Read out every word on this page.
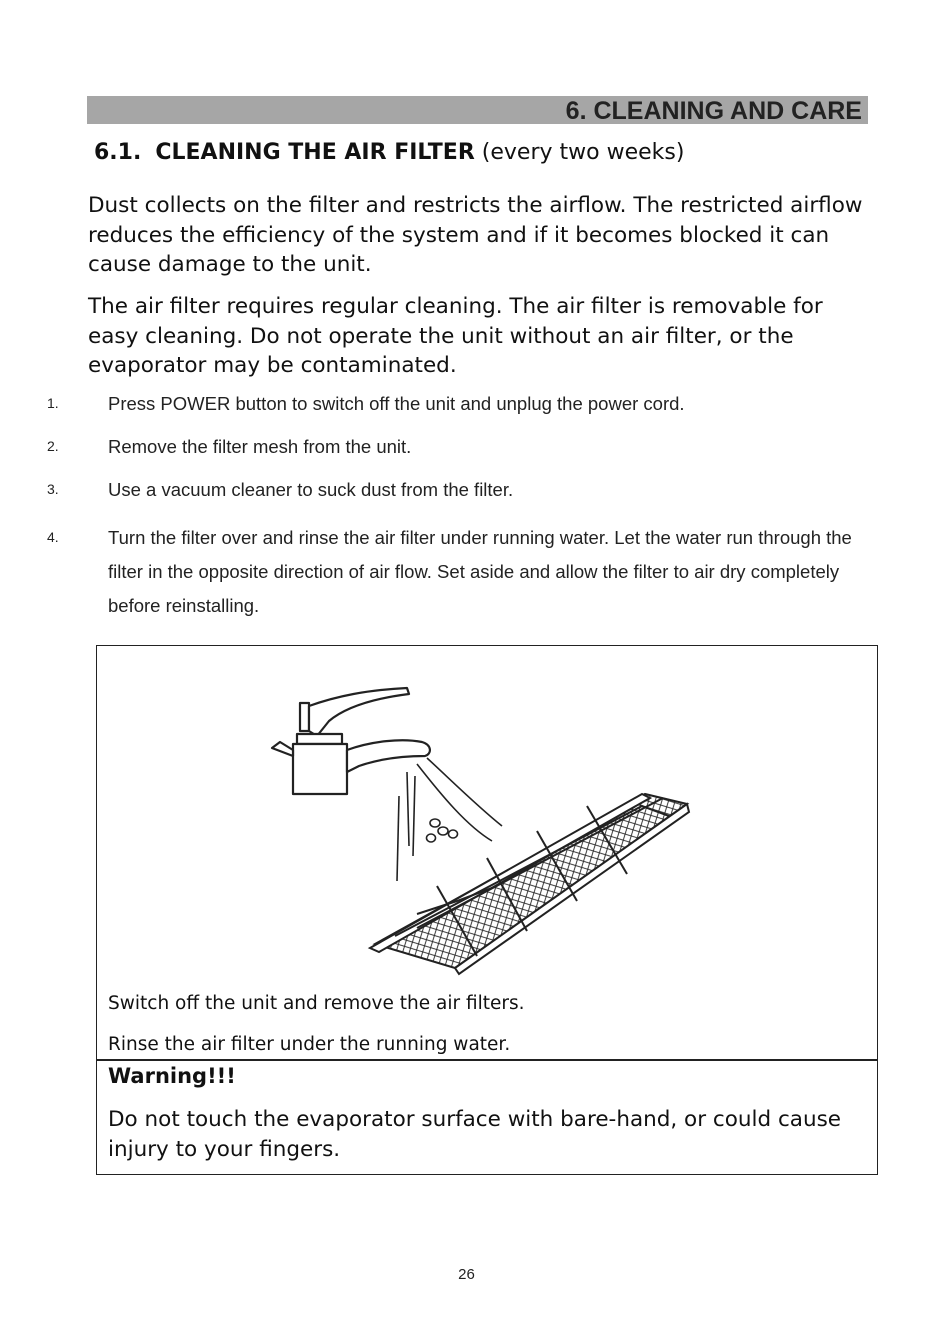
6. CLEANING AND CARE
6.1. CLEANING THE AIR FILTER (every two weeks)
Dust collects on the filter and restricts the airflow. The restricted airflow reduces the efficiency of the system and if it becomes blocked it can cause damage to the unit.
The air filter requires regular cleaning. The air filter is removable for easy cleaning. Do not operate the unit without an air filter, or the evaporator may be contaminated.
1.	Press POWER button to switch off the unit and unplug the power cord.
2.	Remove the filter mesh from the unit.
3.	Use a vacuum cleaner to suck dust from the filter.
4.	Turn the filter over and rinse the air filter under running water. Let the water run through the filter in the opposite direction of air flow. Set aside and allow the filter to air dry completely before reinstalling.
Switch off the unit and remove the air filters.
Rinse the air filter under the running water.
Warning!!!
Do not touch the evaporator surface with bare-hand, or could cause injury to your fingers.
26
